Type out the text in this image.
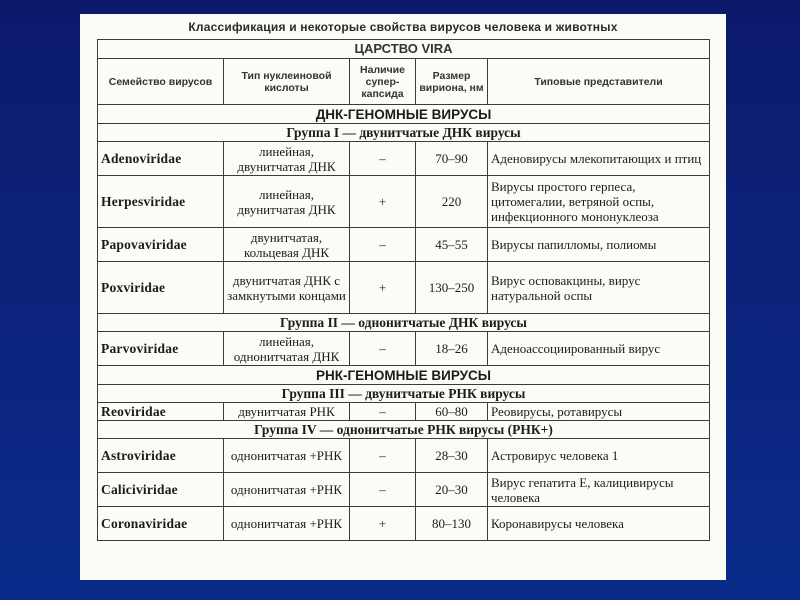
Классификация и некоторые свойства вирусов человека и животных
ЦАРСТВО VIRA				
Семейство вирусов	Тип нуклеиновой кислоты	Наличие супер-капсида	Размер вириона, нм	Типовые представители
ДНК-ГЕНОМНЫЕ ВИРУСЫ				
Группа I — двунитчатые ДНК вирусы				
Adenoviridae	линейная, двунитчатая ДНК	–	70–90	Аденовирусы млекопитающих и птиц
Herpesviridae	линейная, двунитчатая ДНК	+	220	Вирусы простого герпеса, цитомегалии, ветряной оспы, инфекционного мононуклеоза
Papovaviridae	двунитчатая, кольцевая ДНК	–	45–55	Вирусы папилломы, полиомы
Poxviridae	двунитчатая ДНК с замкнутыми концами	+	130–250	Вирус осповакцины, вирус натуральной оспы
Группа II — однонитчатые ДНК вирусы				
Parvoviridae	линейная, однонитчатая ДНК	–	18–26	Аденоассоциированный вирус
РНК-ГЕНОМНЫЕ ВИРУСЫ				
Группа III — двунитчатые РНК вирусы				
Reoviridae	двунитчатая РНК	–	60–80	Реовирусы, ротавирусы
Группа IV — однонитчатые РНК вирусы (РНК+)				
Astroviridae	однонитчатая +РНК	–	28–30	Астровирус человека 1
Caliciviridae	однонитчатая +РНК	–	20–30	Вирус гепатита Е, калицивирусы человека
Coronaviridae	однонитчатая +РНК	+	80–130	Коронавирусы человека
